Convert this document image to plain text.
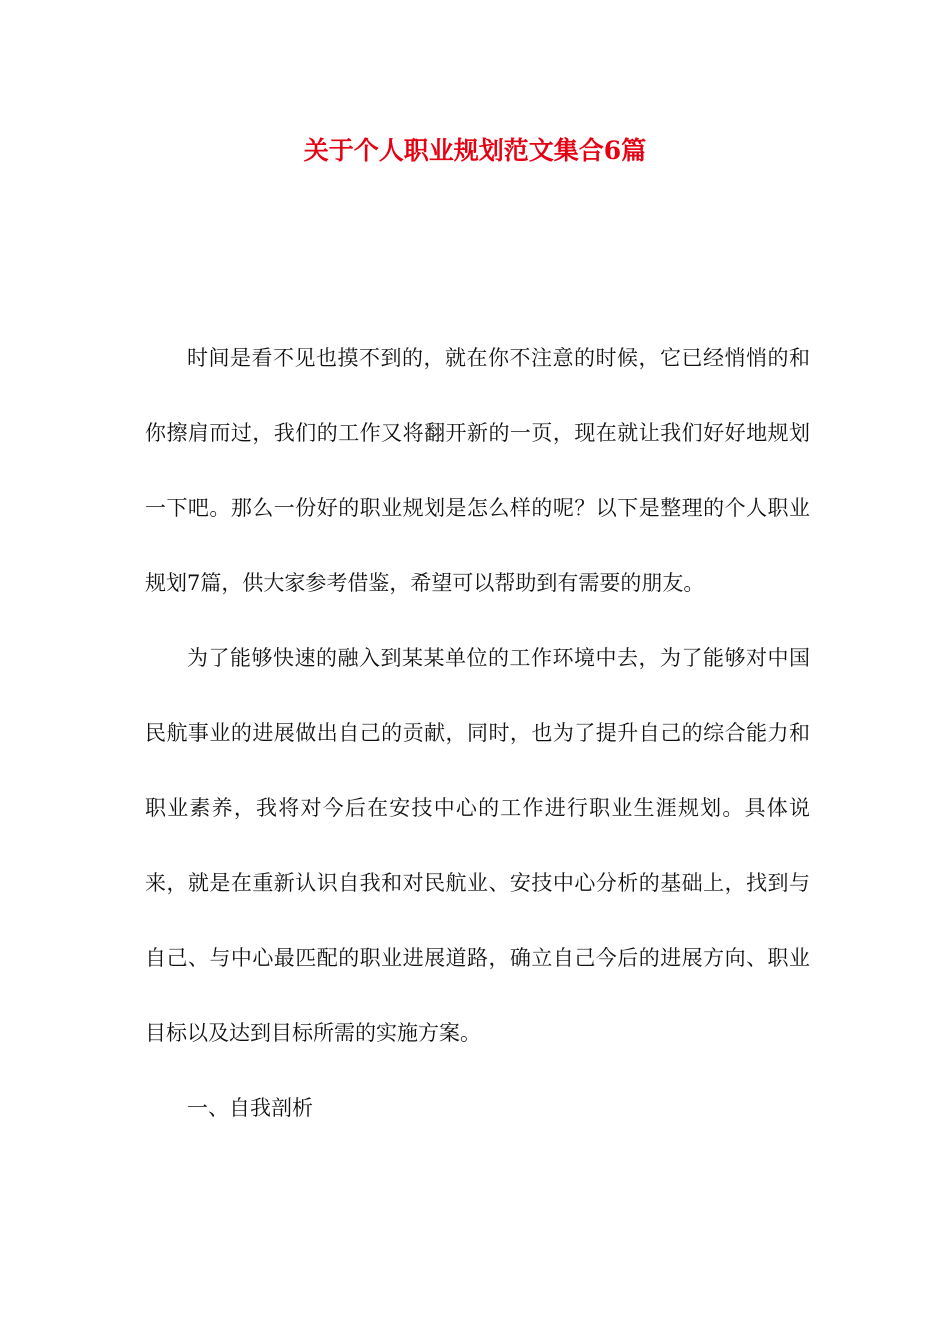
关于个人职业规划范文集合6篇

时间是看不见也摸不到的，就在你不注意的时候，它已经悄悄的和你擦肩而过，我们的工作又将翻开新的一页，现在就让我们好好地规划一下吧。那么一份好的职业规划是怎么样的呢？以下是整理的个人职业规划7篇，供大家参考借鉴，希望可以帮助到有需要的朋友。

为了能够快速的融入到某某单位的工作环境中去，为了能够对中国民航事业的进展做出自己的贡献，同时，也为了提升自己的综合能力和职业素养，我将对今后在安技中心的工作进行职业生涯规划。具体说来，就是在重新认识自我和对民航业、安技中心分析的基础上，找到与自己、与中心最匹配的职业进展道路，确立自己今后的进展方向、职业目标以及达到目标所需的实施方案。

一、自我剖析
